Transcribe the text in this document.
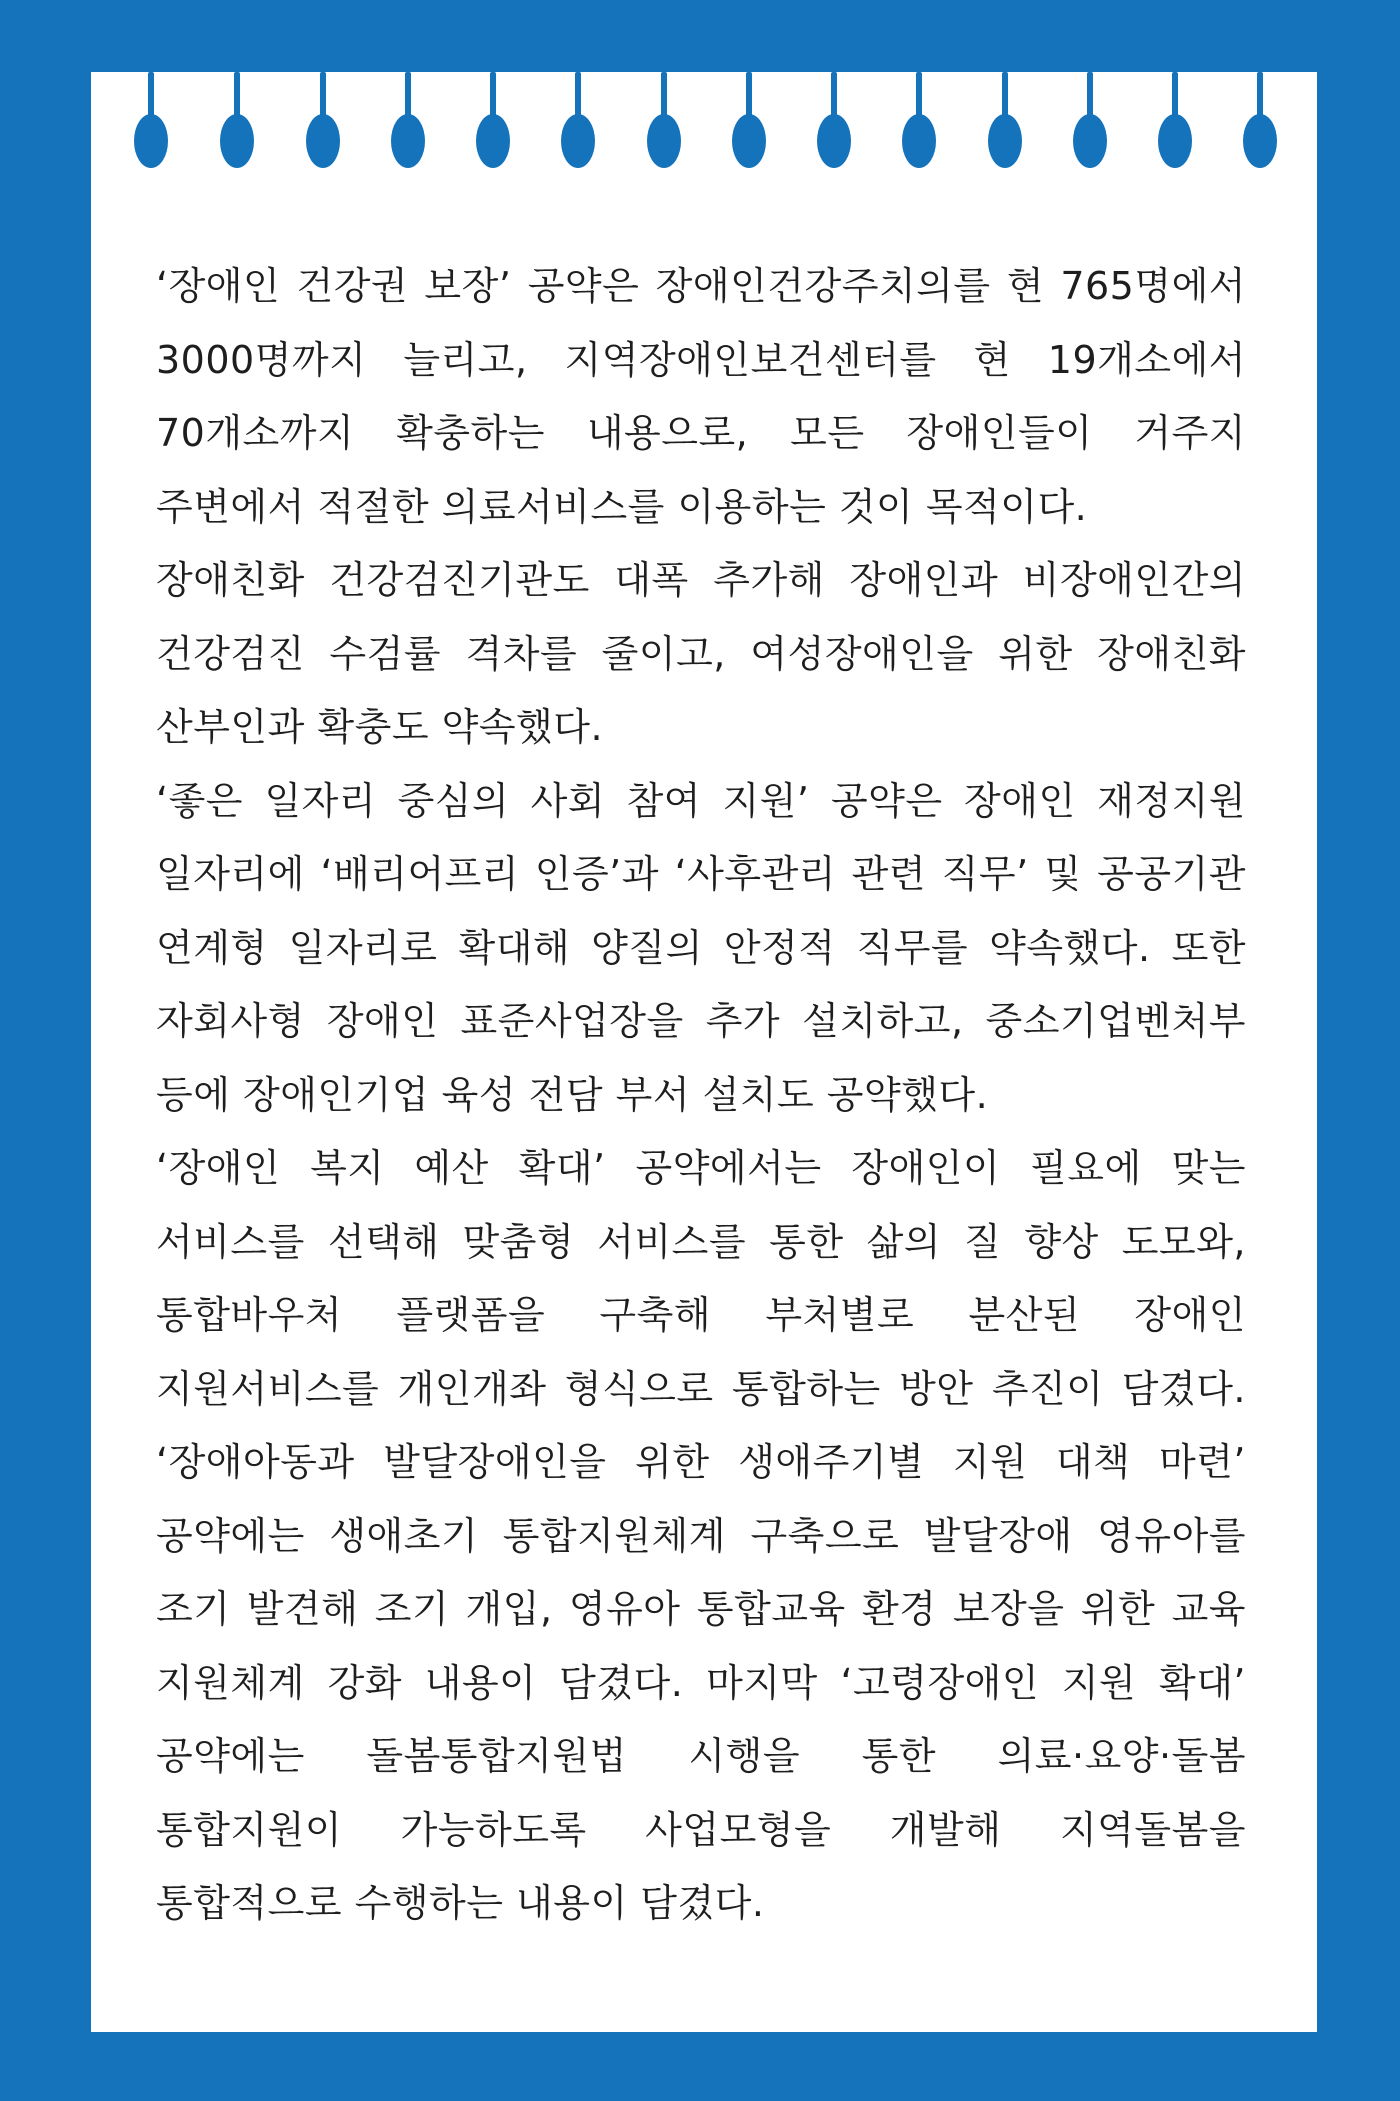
‘장애인 건강권 보장’ 공약은 장애인건강주치의를 현 765명에서 3000명까지 늘리고, 지역장애인보건센터를 현 19개소에서 70개소까지 확충하는 내용으로, 모든 장애인들이 거주지 주변에서 적절한 의료서비스를 이용하는 것이 목적이다.

장애친화 건강검진기관도 대폭 추가해 장애인과 비장애인간의 건강검진 수검률 격차를 줄이고, 여성장애인을 위한 장애친화 산부인과 확충도 약속했다.

‘좋은 일자리 중심의 사회 참여 지원’ 공약은 장애인 재정지원 일자리에 ‘배리어프리 인증’과 ‘사후관리 관련 직무’ 및 공공기관 연계형 일자리로 확대해 양질의 안정적 직무를 약속했다. 또한 자회사형 장애인 표준사업장을 추가 설치하고, 중소기업벤처부 등에 장애인기업 육성 전담 부서 설치도 공약했다.

‘장애인 복지 예산 확대’ 공약에서는 장애인이 필요에 맞는 서비스를 선택해 맞춤형 서비스를 통한 삶의 질 향상 도모와, 통합바우처 플랫폼을 구축해 부처별로 분산된 장애인 지원서비스를 개인개좌 형식으로 통합하는 방안 추진이 담겼다. ‘장애아동과 발달장애인을 위한 생애주기별 지원 대책 마련’ 공약에는 생애초기 통합지원체계 구축으로 발달장애 영유아를 조기 발견해 조기 개입, 영유아 통합교육 환경 보장을 위한 교육 지원체계 강화 내용이 담겼다. 마지막 ‘고령장애인 지원 확대’ 공약에는 돌봄통합지원법 시행을 통한 의료·요양·돌봄 통합지원이 가능하도록 사업모형을 개발해 지역돌봄을 통합적으로 수행하는 내용이 담겼다.
